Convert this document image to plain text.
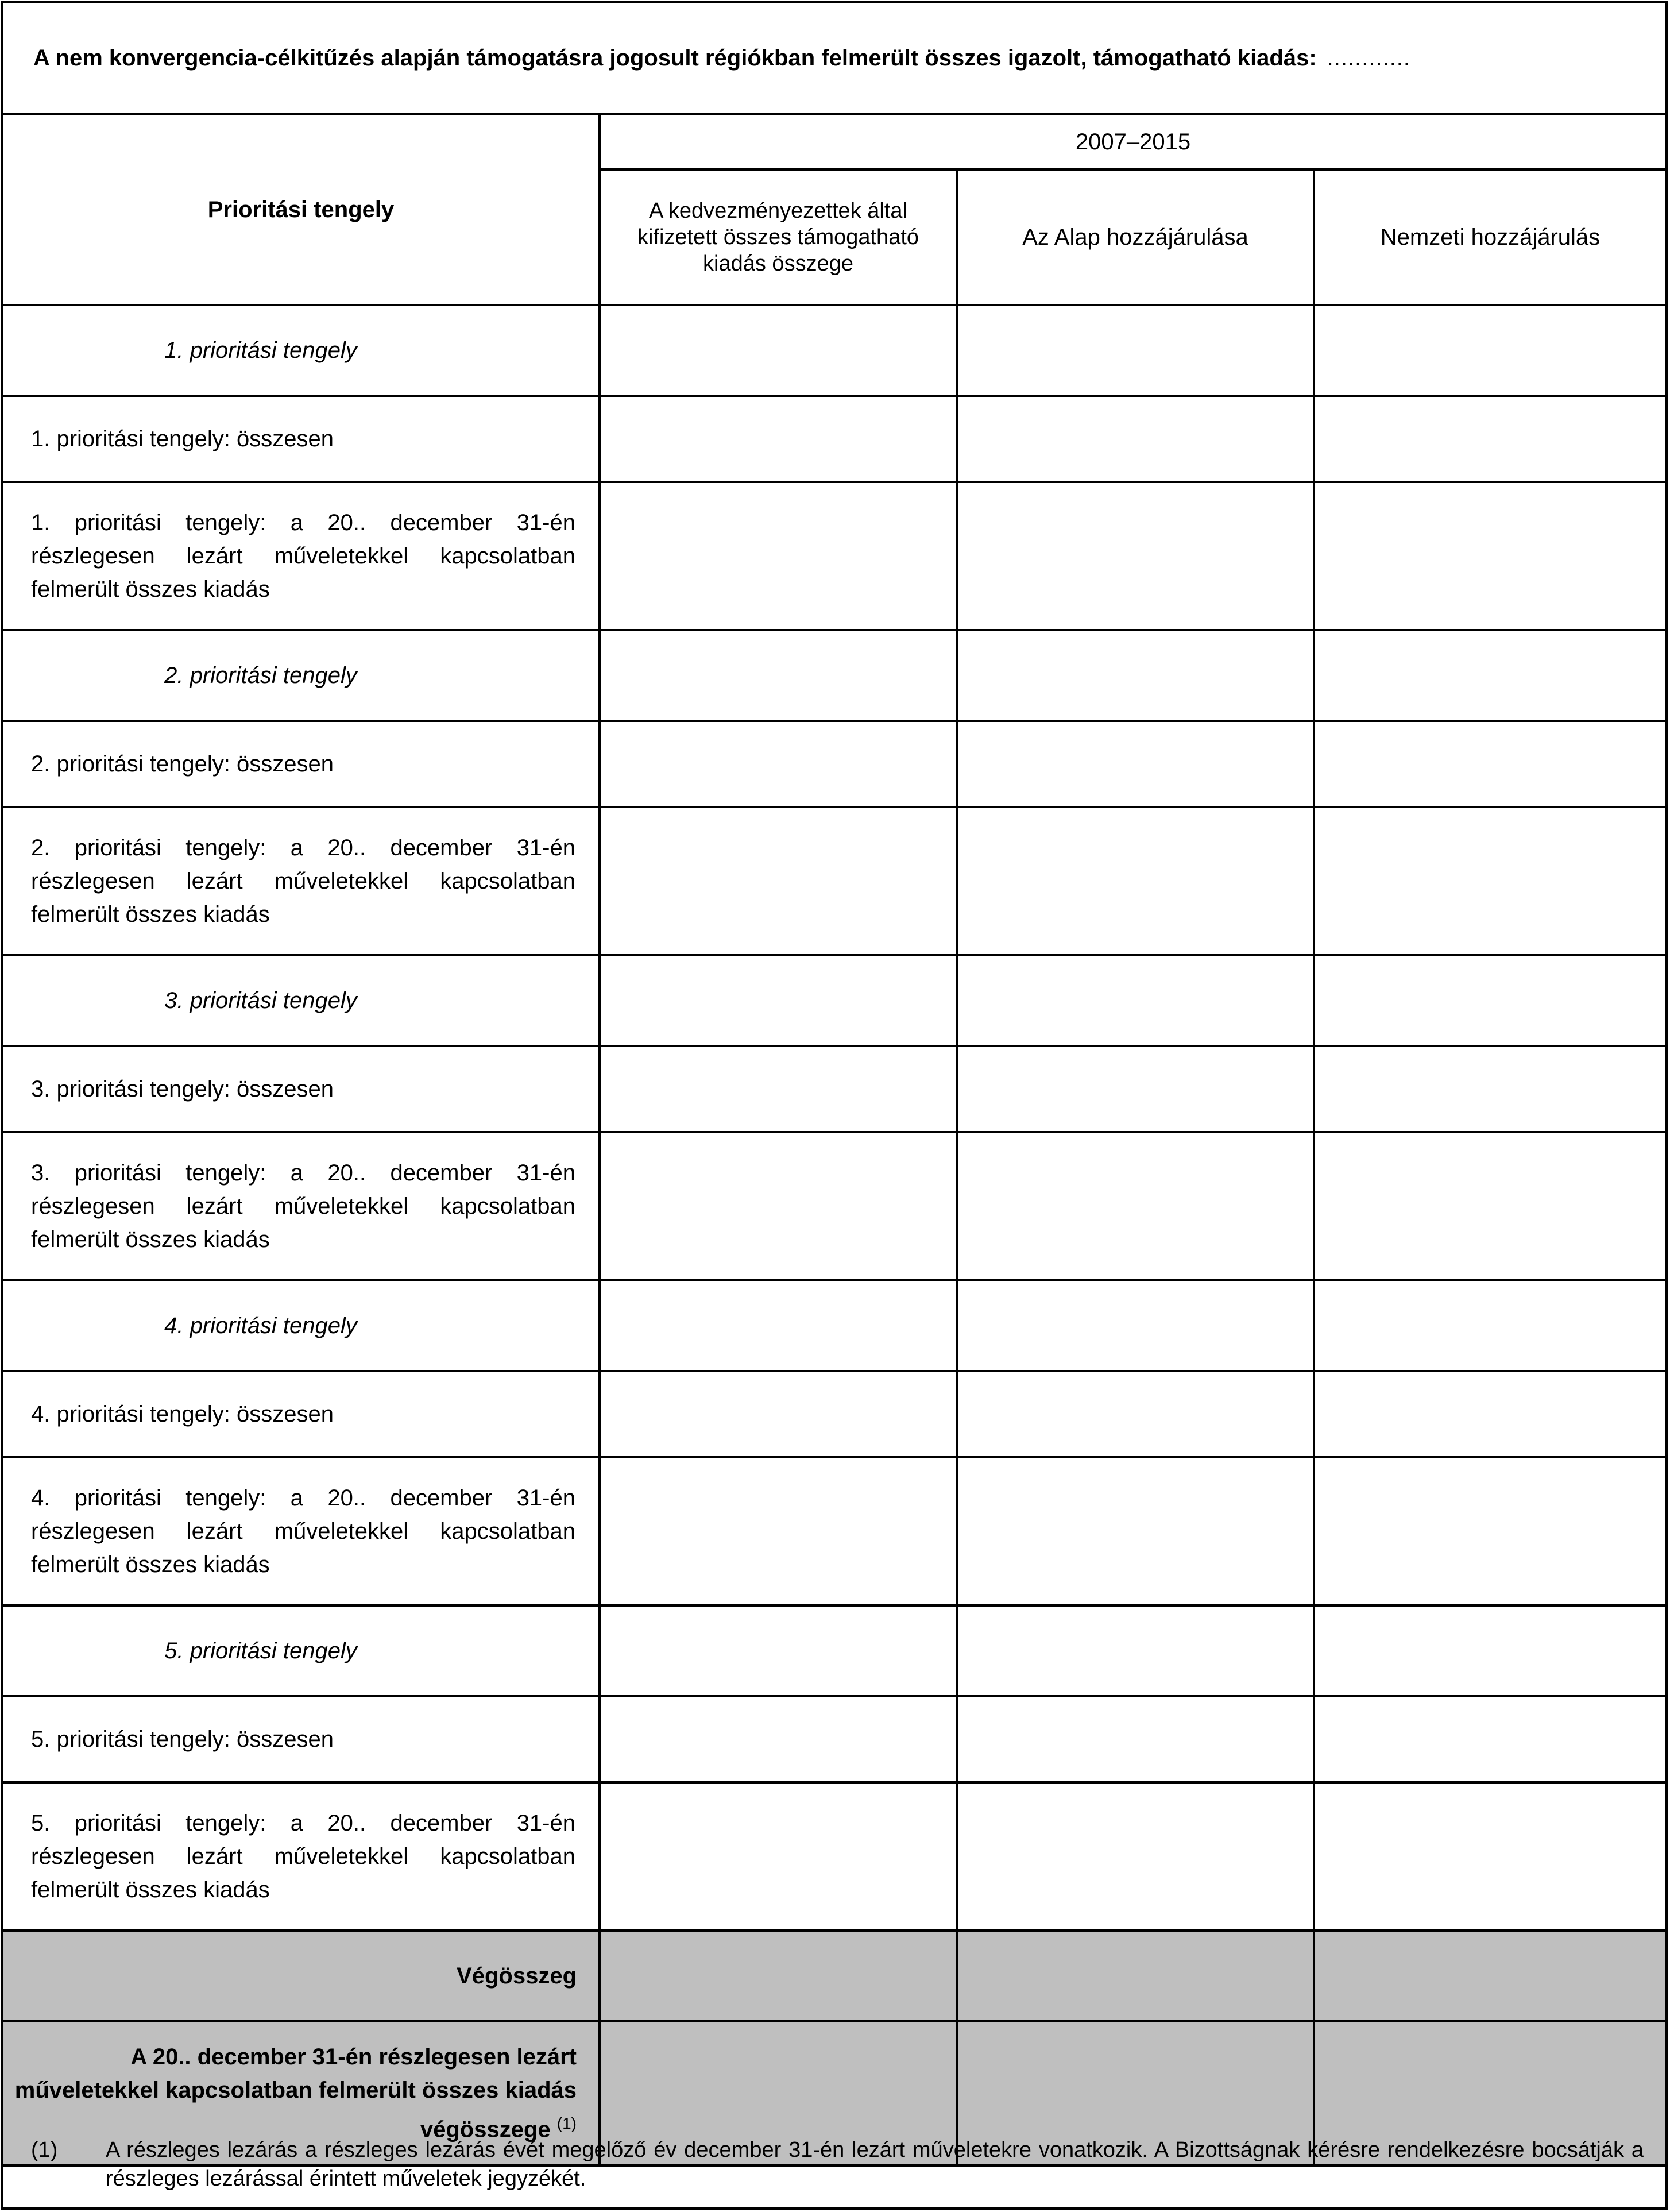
A nem konvergencia-célkitűzés alapján támogatásra jogosult régiókban felmerült összes igazolt, támogatható kiadás: ............
Prioritási tengely	2007–2015		
	A kedvezményezettek által kifizetett összes támogatható kiadás összege	Az Alap hozzájárulása	Nemzeti hozzájárulás
1. prioritási tengely			
1. prioritási tengely: összesen			
1. prioritási tengely: a 20.. december 31-én részlegesen lezárt műveletekkel kapcsolatban felmerült összes kiadás			
2. prioritási tengely			
2. prioritási tengely: összesen			
2. prioritási tengely: a 20.. december 31-én részlegesen lezárt műveletekkel kapcsolatban felmerült összes kiadás			
3. prioritási tengely			
3. prioritási tengely: összesen			
3. prioritási tengely: a 20.. december 31-én részlegesen lezárt műveletekkel kapcsolatban felmerült összes kiadás			
4. prioritási tengely			
4. prioritási tengely: összesen			
4. prioritási tengely: a 20.. december 31-én részlegesen lezárt műveletekkel kapcsolatban felmerült összes kiadás			
5. prioritási tengely			
5. prioritási tengely: összesen			
5. prioritási tengely: a 20.. december 31-én részlegesen lezárt műveletekkel kapcsolatban felmerült összes kiadás			
Végösszeg			
A 20.. december 31-én részlegesen lezárt műveletekkel kapcsolatban felmerült összes kiadás végösszege $^{(1)}$			
(1) A részleges lezárás a részleges lezárás évét megelőző év december 31-én lezárt műveletekre vonatkozik. A Bizottságnak kérésre rendelkezésre bocsátják a részleges lezárással érintett műveletek jegyzékét.
